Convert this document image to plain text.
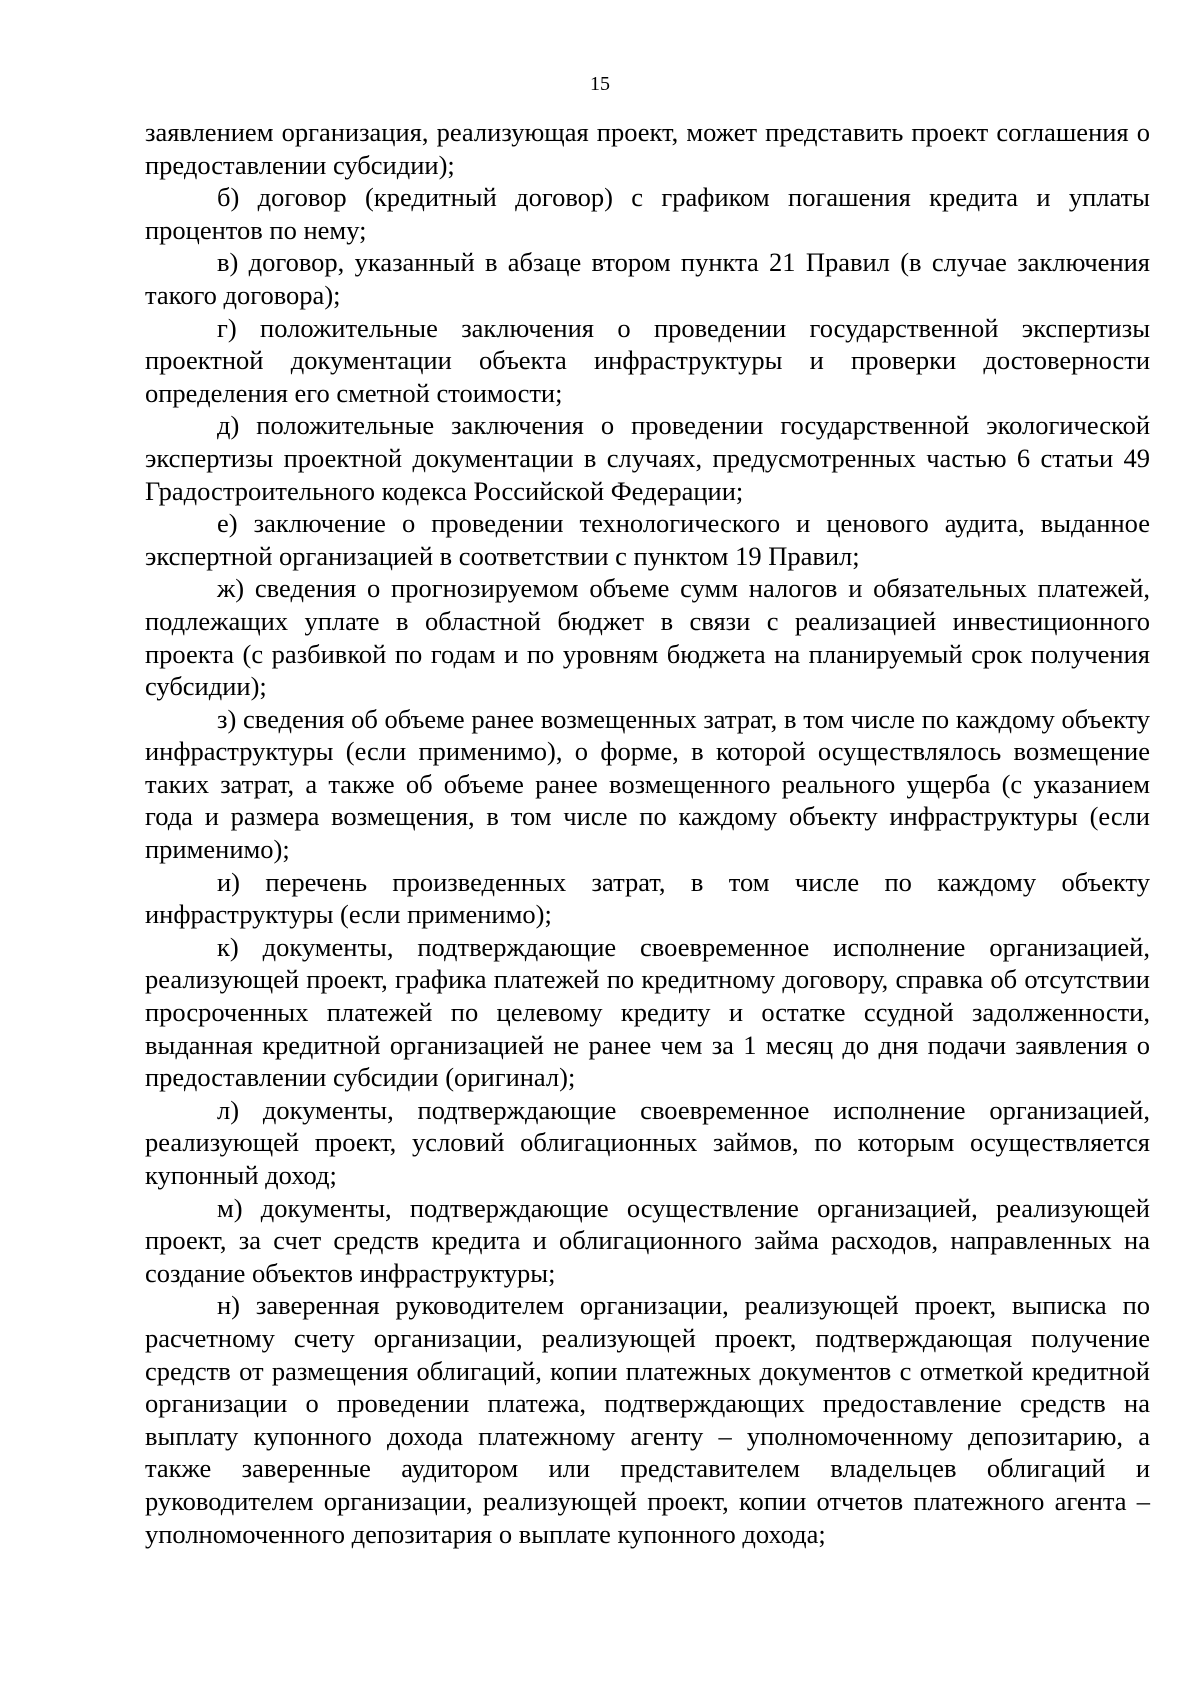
15

заявлением организация, реализующая проект, может представить проект соглашения о предоставлении субсидии);

б) договор (кредитный договор) с графиком погашения кредита и уплаты процентов по нему;

в) договор, указанный в абзаце втором пункта 21 Правил (в случае заключения такого договора);

г) положительные заключения о проведении государственной экспертизы проектной документации объекта инфраструктуры и проверки достоверности определения его сметной стоимости;

д) положительные заключения о проведении государственной экологической экспертизы проектной документации в случаях, предусмотренных частью 6 статьи 49 Градостроительного кодекса Российской Федерации;

е) заключение о проведении технологического и ценового аудита, выданное экспертной организацией в соответствии с пунктом 19 Правил;

ж) сведения о прогнозируемом объеме сумм налогов и обязательных платежей, подлежащих уплате в областной бюджет в связи с реализацией инвестиционного проекта (с разбивкой по годам и по уровням бюджета на планируемый срок получения субсидии);

з) сведения об объеме ранее возмещенных затрат, в том числе по каждому объекту инфраструктуры (если применимо), о форме, в которой осуществлялось возмещение таких затрат, а также об объеме ранее возмещенного реального ущерба (с указанием года и размера возмещения, в том числе по каждому объекту инфраструктуры (если применимо);

и) перечень произведенных затрат, в том числе по каждому объекту инфраструктуры (если применимо);

к) документы, подтверждающие своевременное исполнение организацией, реализующей проект, графика платежей по кредитному договору, справка об отсутствии просроченных платежей по целевому кредиту и остатке ссудной задолженности, выданная кредитной организацией не ранее чем за 1 месяц до дня подачи заявления о предоставлении субсидии (оригинал);

л) документы, подтверждающие своевременное исполнение организацией, реализующей проект, условий облигационных займов, по которым осуществляется купонный доход;

м) документы, подтверждающие осуществление организацией, реализующей проект, за счет средств кредита и облигационного займа расходов, направленных на создание объектов инфраструктуры;

н) заверенная руководителем организации, реализующей проект, выписка по расчетному счету организации, реализующей проект, подтверждающая получение средств от размещения облигаций, копии платежных документов с отметкой кредитной организации о проведении платежа, подтверждающих предоставление средств на выплату купонного дохода платежному агенту – уполномоченному депозитарию, а также заверенные аудитором или представителем владельцев облигаций и руководителем организации, реализующей проект, копии отчетов платежного агента – уполномоченного депозитария о выплате купонного дохода;
